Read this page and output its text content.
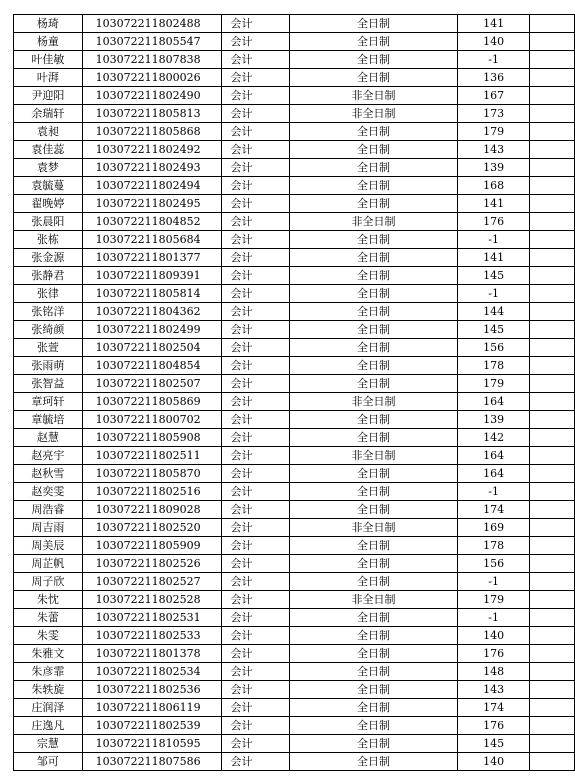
杨琦	103072211802488	会计	全日制	141	
杨童	103072211805547	会计	全日制	140	
叶佳敏	103072211807838	会计	全日制	-1	
叶湃	103072211800026	会计	全日制	136	
尹迎阳	103072211802490	会计	非全日制	167	
余瑞轩	103072211805813	会计	非全日制	173	
袁昶	103072211805868	会计	全日制	179	
袁佳蕊	103072211802492	会计	全日制	143	
袁梦	103072211802493	会计	全日制	139	
袁毓蔓	103072211802494	会计	全日制	168	
翟晚婷	103072211802495	会计	全日制	141	
张晨阳	103072211804852	会计	非全日制	176	
张栋	103072211805684	会计	全日制	-1	
张金源	103072211801377	会计	全日制	141	
张静君	103072211809391	会计	全日制	145	
张律	103072211805814	会计	全日制	-1	
张铭洋	103072211804362	会计	全日制	144	
张绮颜	103072211802499	会计	全日制	145	
张萱	103072211802504	会计	全日制	156	
张雨萌	103072211804854	会计	全日制	178	
张智益	103072211802507	会计	全日制	179	
章珂轩	103072211805869	会计	非全日制	164	
章毓培	103072211800702	会计	全日制	139	
赵慧	103072211805908	会计	全日制	142	
赵亮宇	103072211802511	会计	非全日制	164	
赵秋雪	103072211805870	会计	全日制	164	
赵奕雯	103072211802516	会计	全日制	-1	
周浩睿	103072211809028	会计	全日制	174	
周吉雨	103072211802520	会计	非全日制	169	
周美辰	103072211805909	会计	全日制	178	
周芷帆	103072211802526	会计	全日制	156	
周子欣	103072211802527	会计	全日制	-1	
朱忱	103072211802528	会计	非全日制	179	
朱蕾	103072211802531	会计	全日制	-1	
朱雯	103072211802533	会计	全日制	140	
朱雅文	103072211801378	会计	全日制	176	
朱彦霏	103072211802534	会计	全日制	148	
朱轶旋	103072211802536	会计	全日制	143	
庄润泽	103072211806119	会计	全日制	174	
庄逸凡	103072211802539	会计	全日制	176	
宗慧	103072211810595	会计	全日制	145	
邹可	103072211807586	会计	全日制	140	
